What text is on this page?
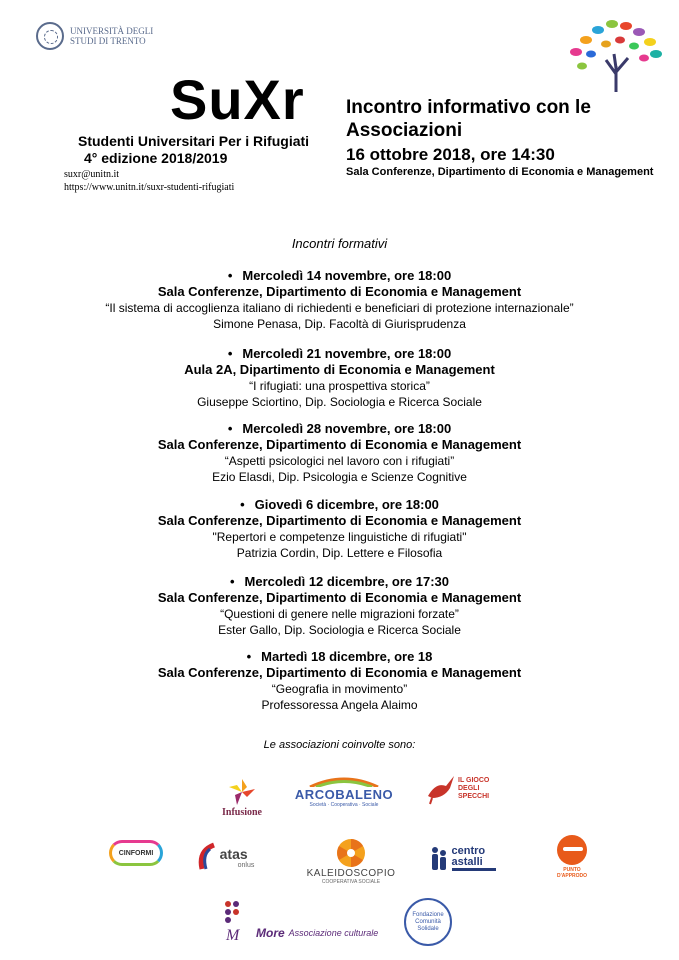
UNIVERSITÀ DEGLI STUDI DI TRENTO
SuXr
Studenti Universitari Per i Rifugiati
4° edizione 2018/2019
suxr@unitn.it
https://www.unitn.it/suxr-studenti-rifugiati
Incontro informativo con le Associazioni
16 ottobre 2018, ore 14:30
Sala Conferenze, Dipartimento di Economia e Management
Incontri formativi
• Mercoledì 14 novembre, ore 18:00
Sala Conferenze, Dipartimento di Economia e Management
“Il sistema di accoglienza italiano di richiedenti e beneficiari di protezione internazionale”
Simone Penasa, Dip. Facoltà di Giurisprudenza
• Mercoledì 21 novembre, ore 18:00
Aula 2A, Dipartimento di Economia e Management
“I rifugiati: una prospettiva storica”
Giuseppe Sciortino, Dip. Sociologia e Ricerca Sociale
• Mercoledì 28 novembre, ore 18:00
Sala Conferenze, Dipartimento di Economia e Management
“Aspetti psicologici nel lavoro con i rifugiati”
Ezio Elasdi, Dip. Psicologia e Scienze Cognitive
• Giovedì 6 dicembre, ore 18:00
Sala Conferenze, Dipartimento di Economia e Management
"Repertori e competenze linguistiche di rifugiati"
Patrizia Cordin, Dip. Lettere e Filosofia
• Mercoledì 12 dicembre, ore 17:30
Sala Conferenze, Dipartimento di Economia e Management
“Questioni di genere nelle migrazioni forzate”
Ester Gallo, Dip. Sociologia e Ricerca Sociale
• Martedì 18 dicembre, ore 18
Sala Conferenze, Dipartimento di Economia e Management
“Geografia in movimento”
Professoressa Angela Alaimo
Le associazioni coinvolte sono:
Infusione
ARCOBALENO
Società · Cooperativa · Sociale
IL GIOCO DEGLI SPECCHI
CINFORMI	atas
onlus
KALEIDOSCOPIO
COOPERATIVA SOCIALE
centro astalli
PUNTO D'APPRODO
M More Associazione culturale
Fondazione Comunità Solidale
